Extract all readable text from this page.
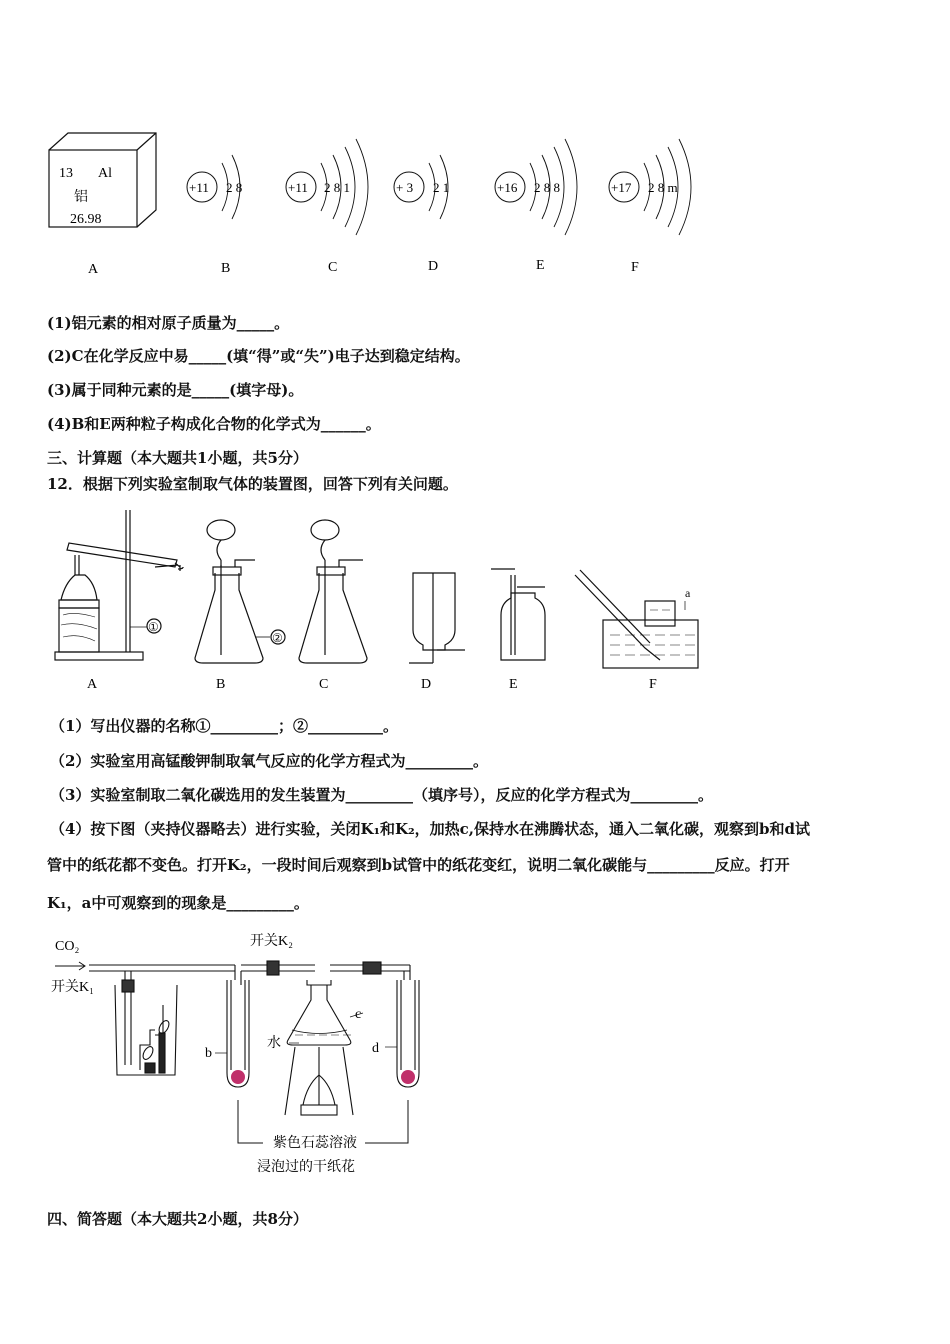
13 Al
铝
26.98
+11 2 8	+11 2 8 1	+ 3 2 1	+16 2 8 8	+17 2 8 m
A	B	C	D	E	F
(1)铝元素的相对原子质量为_____。
(2)C在化学反应中易_____(填“得”或“失”)电子达到稳定结构。
(3)属于同种元素的是_____(填字母)。
(4)B和E两种粒子构成化合物的化学式为______。
三、计算题（本大题共1小题，共5分）
12．根据下列实验室制取气体的装置图，回答下列有关问题。
①
②
a
A	B	C	D	E	F
（1）写出仪器的名称①_________；②__________。
（2）实验室用高锰酸钾制取氧气反应的化学方程式为_________。
（3）实验室制取二氧化碳选用的发生装置为_________（填序号），反应的化学方程式为_________。
（4）按下图（夹持仪器略去）进行实验，关闭K₁和K₂，加热c,保持水在沸腾状态，通入二氧化碳，观察到b和d试
管中的纸花都不变色。打开K₂，一段时间后观察到b试管中的纸花变红，说明二氧化碳能与_________反应。打开
K₁，a中可观察到的现象是_________。
CO₂
开关K₁
开关K₂
b
c
d
水
紫色石蕊溶液
浸泡过的干纸花
四、简答题（本大题共2小题，共8分）
